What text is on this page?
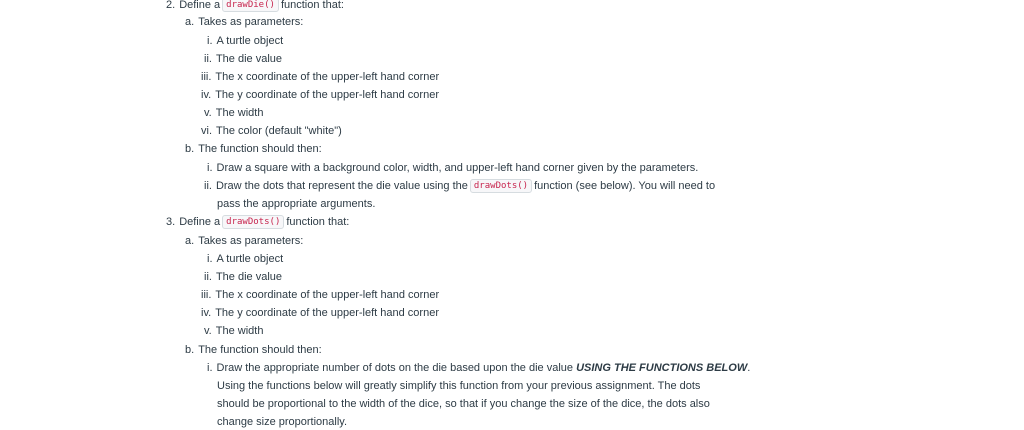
2. Define a drawDie() function that:
a. Takes as parameters:
i. A turtle object
ii. The die value
iii. The x coordinate of the upper-left hand corner
iv. The y coordinate of the upper-left hand corner
v. The width
vi. The color (default "white")
b. The function should then:
i. Draw a square with a background color, width, and upper-left hand corner given by the parameters.
ii. Draw the dots that represent the die value using the drawDots() function (see below). You will need to
pass the appropriate arguments.
3. Define a drawDots() function that:
a. Takes as parameters:
i. A turtle object
ii. The die value
iii. The x coordinate of the upper-left hand corner
iv. The y coordinate of the upper-left hand corner
v. The width
b. The function should then:
i. Draw the appropriate number of dots on the die based upon the die value USING THE FUNCTIONS BELOW.
Using the functions below will greatly simplify this function from your previous assignment. The dots
should be proportional to the width of the dice, so that if you change the size of the dice, the dots also
change size proportionally.
